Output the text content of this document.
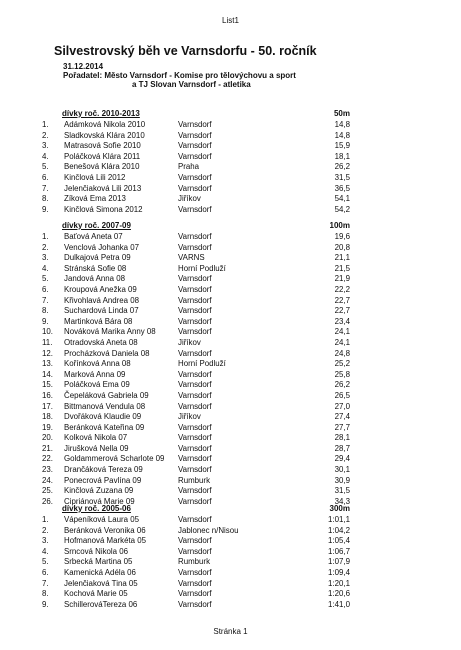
List1
Silvestrovský běh ve Varnsdorfu - 50. ročník
31.12.2014
Pořadatel: Město Varnsdorf - Komise pro tělovýchovu a sport
a TJ Slovan Varnsdorf - atletika
dívky roč. 2010-2013	50m
1. Adámková Nikola 2010	Varnsdorf	14,8
2. Sladkovská Klára 2010	Varnsdorf	14,8
3. Matrasová Sofie 2010	Varnsdorf	15,9
4. Poláčková Klára 2011	Varnsdorf	18,1
5. Benešová Klára 2010	Praha	26,2
6. Kinčlová Lili 2012	Varnsdorf	31,5
7. Jelenčiaková Lili 2013	Varnsdorf	36,5
8. Zíková Ema 2013	Jiříkov	54,1
9. Kinčlová Simona 2012	Varnsdorf	54,2
dívky roč. 2007-09	100m
1. Baťová Aneta 07	Varnsdorf	19,6
2. Venclová Johanka 07	Varnsdorf	20,8
3. Dulkajová Petra 09	VARNS	21,1
4. Stránská Sofie 08	Horní Podluží	21,5
5. Jandová Anna 08	Varnsdorf	21,9
6. Kroupová Anežka 09	Varnsdorf	22,2
7. Křivohlavá Andrea 08	Varnsdorf	22,7
8. Suchardová Linda 07	Varnsdorf	22,7
9. Martinková Bára 08	Varnsdorf	23,4
10. Nováková Marika Anny 08	Varnsdorf	24,1
11. Otradovská Aneta 08	Jiříkov	24,1
12. Procházková Daniela 08	Varnsdorf	24,8
13. Kořínková Anna 08	Horní Podluží	25,2
14. Marková Anna 09	Varnsdorf	25,8
15. Poláčková Ema 09	Varnsdorf	26,2
16. Čepeláková Gabriela 09	Varnsdorf	26,5
17. Bittmanová Vendula 08	Varnsdorf	27,0
18. Dvořáková Klaudie 09	Jiříkov	27,4
19. Beránková Kateřina 09	Varnsdorf	27,7
20. Kolková Nikola 07	Varnsdorf	28,1
21. Jirušková Nella 09	Varnsdorf	28,7
22. Goldammerová Scharlote 09 Varnsdorf	29,4
23. Drančáková Tereza 09	Varnsdorf	30,1
24. Ponecrová Pavlína 09	Rumburk	30,9
25. Kinčlová Zuzana 09	Varnsdorf	31,5
26. Cipriánová Marie 09	Varnsdorf	34,3
dívky roč. 2005-06	300m
1. Vápeníková Laura 05	Varnsdorf	1:01,1
2. Beránková Veronika 06	Jablonec n/Nisou	1:04,2
3. Hofmanová Markéta 05	Varnsdorf	1:05,4
4. Srncová Nikola 06	Varnsdorf	1:06,7
5. Srbecká Martina 05	Rumburk	1:07,9
6. Kamenická Adéla 06	Varnsdorf	1:09,4
7. Jelenčiaková Tina 05	Varnsdorf	1:20,1
8. Kochová Marie 05	Varnsdorf	1:20,6
9. SchillerováTereza 06	Varnsdorf	1:41,0
Stránka 1
